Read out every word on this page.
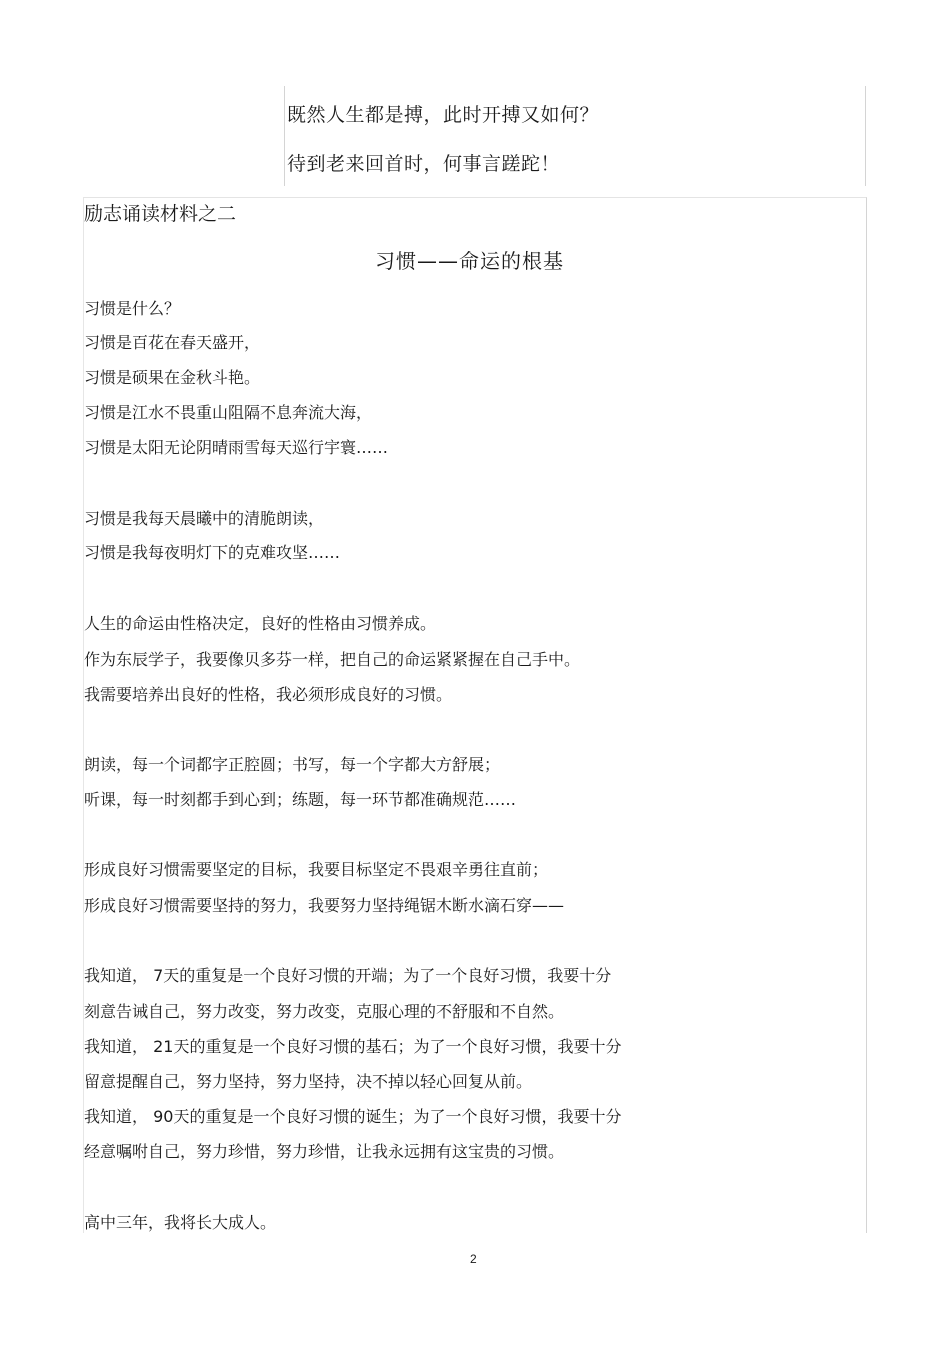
既然人生都是搏，此时开搏又如何？
待到老来回首时，何事言蹉跎！
励志诵读材料之二
习惯——命运的根基
习惯是什么？
习惯是百花在春天盛开，
习惯是硕果在金秋斗艳。
习惯是江水不畏重山阻隔不息奔流大海，
习惯是太阳无论阴晴雨雪每天巡行宇寰……
习惯是我每天晨曦中的清脆朗读，
习惯是我每夜明灯下的克难攻坚……
人生的命运由性格决定，良好的性格由习惯养成。
作为东辰学子，我要像贝多芬一样，把自己的命运紧紧握在自己手中。
我需要培养出良好的性格，我必须形成良好的习惯。
朗读，每一个词都字正腔圆；书写，每一个字都大方舒展；
听课，每一时刻都手到心到；练题，每一环节都准确规范……
形成良好习惯需要坚定的目标，我要目标坚定不畏艰辛勇往直前；
形成良好习惯需要坚持的努力，我要努力坚持绳锯木断水滴石穿——
我知道， 7天的重复是一个良好习惯的开端；为了一个良好习惯，我要十分
刻意告诫自己，努力改变，努力改变，克服心理的不舒服和不自然。
我知道， 21天的重复是一个良好习惯的基石；为了一个良好习惯，我要十分
留意提醒自己，努力坚持，努力坚持，决不掉以轻心回复从前。
我知道， 90天的重复是一个良好习惯的诞生；为了一个良好习惯，我要十分
经意嘱咐自己，努力珍惜，努力珍惜，让我永远拥有这宝贵的习惯。
高中三年，我将长大成人。
2
